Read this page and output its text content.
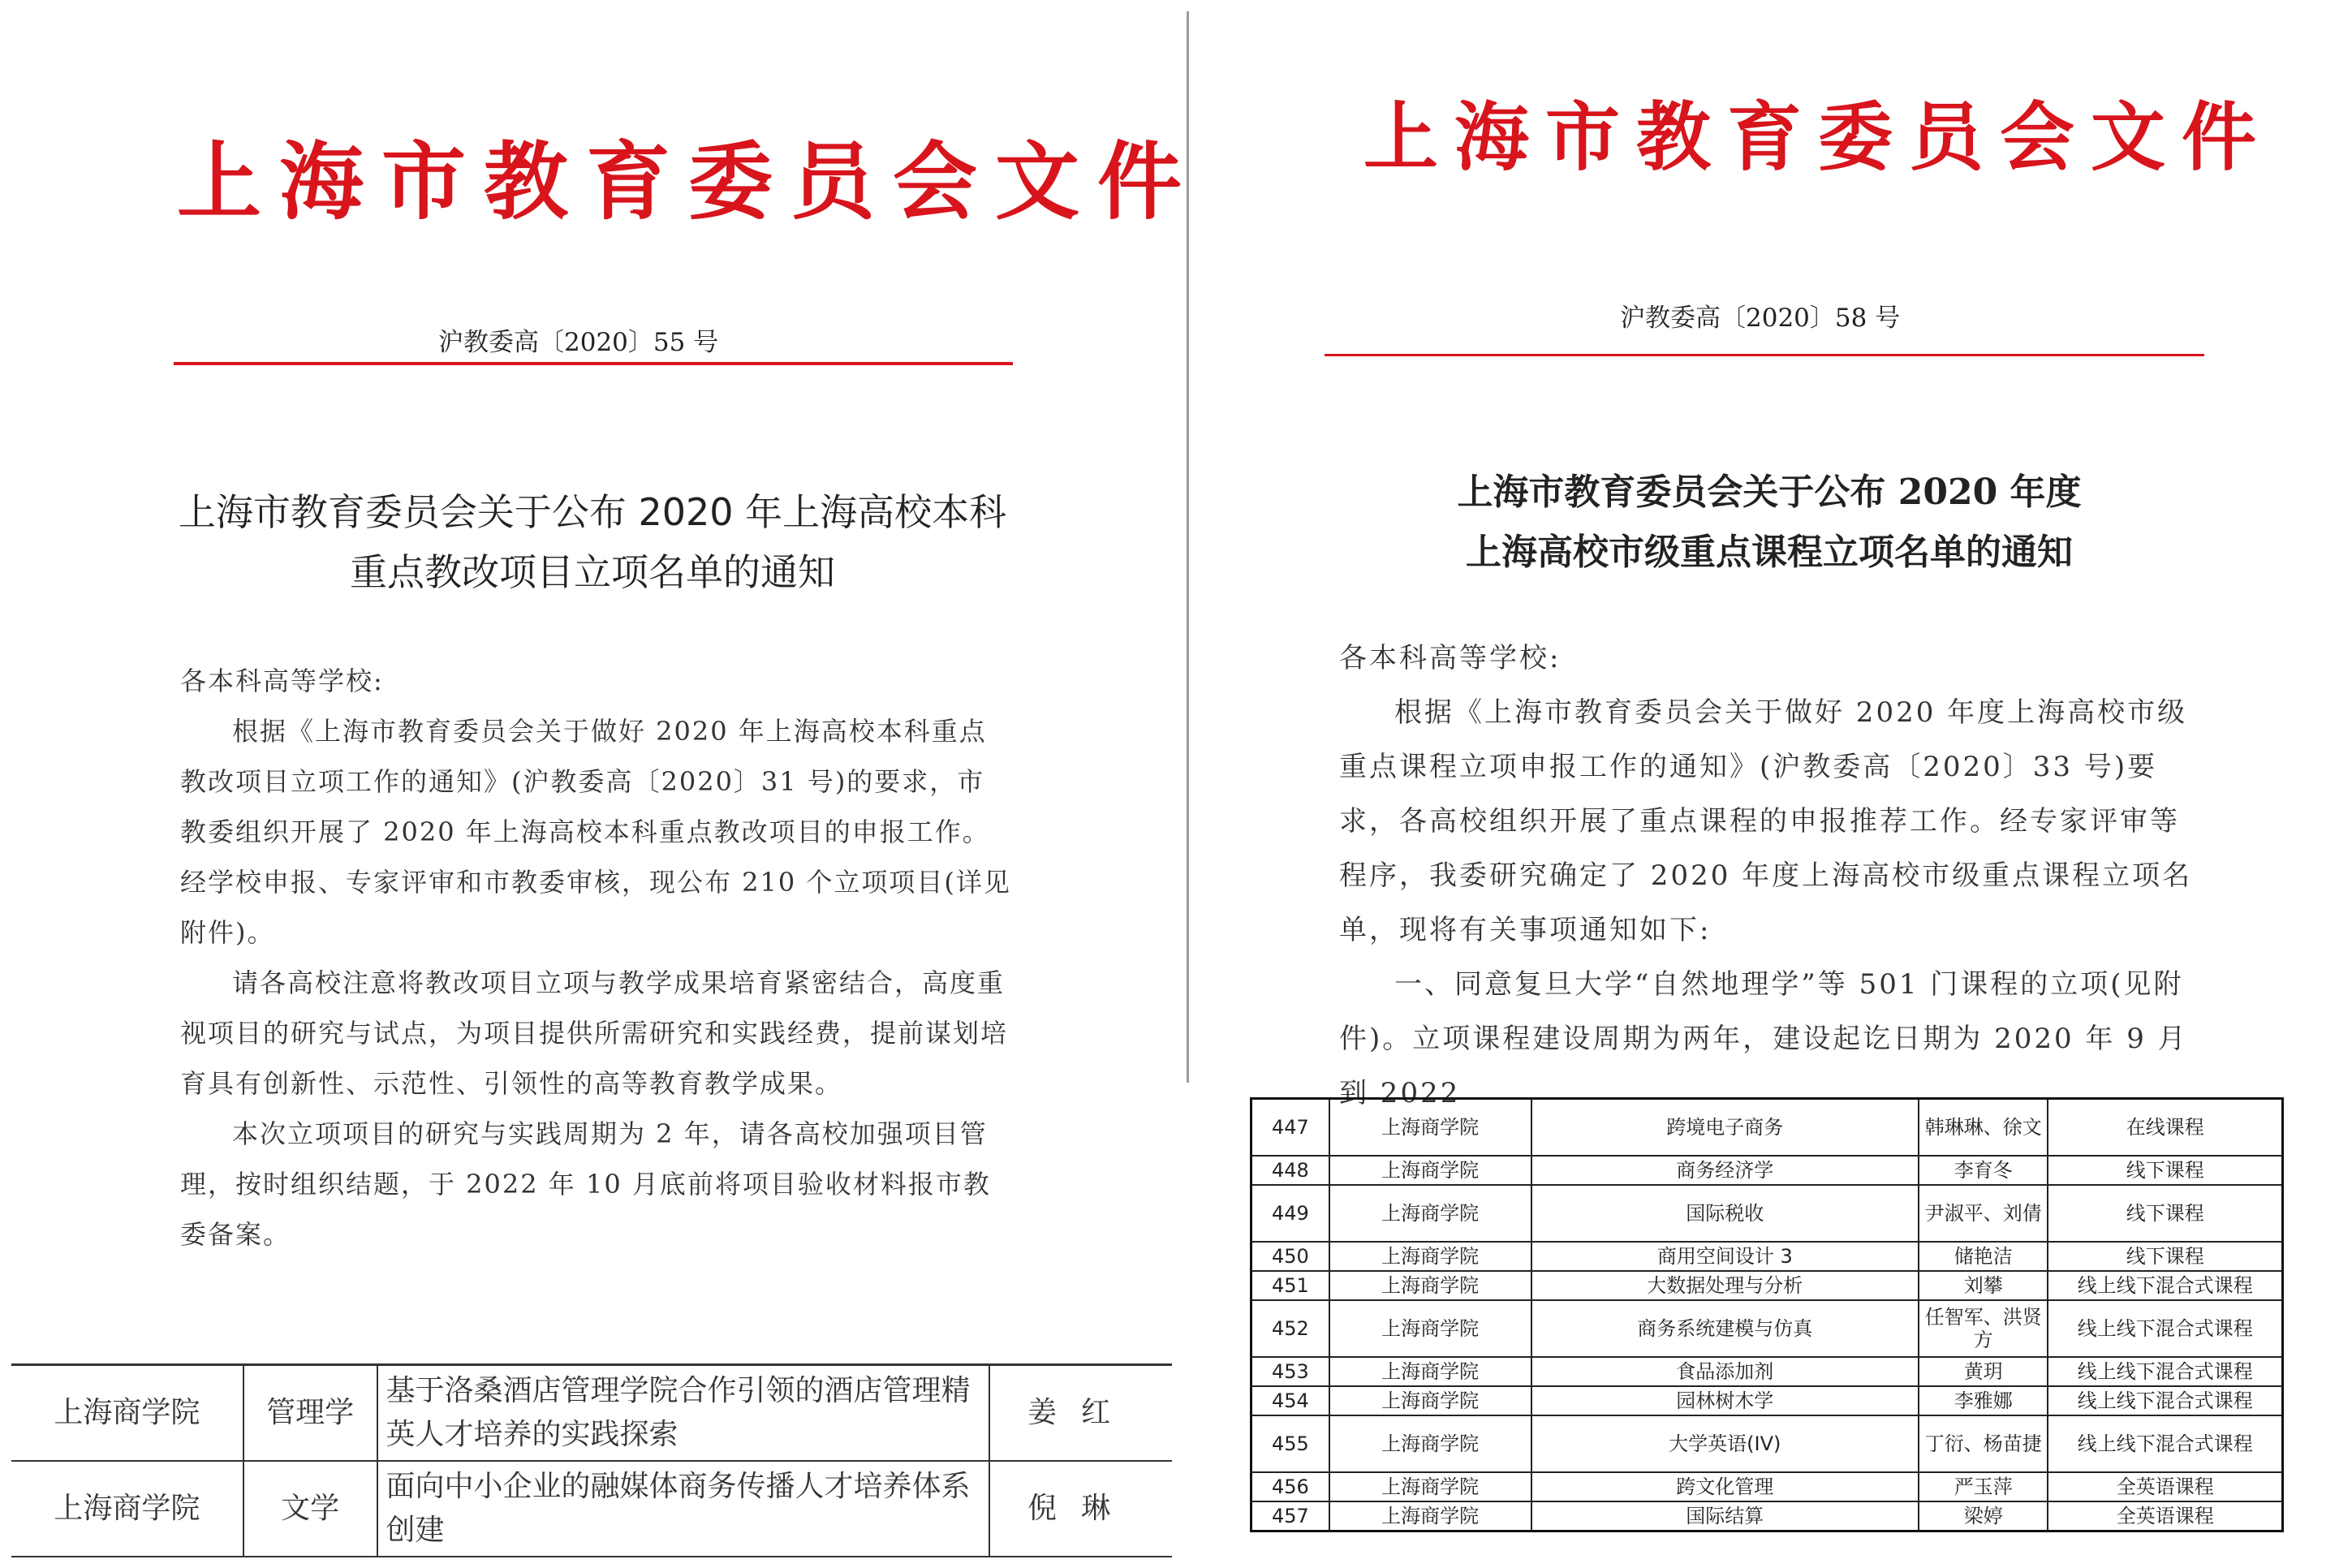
上海市教育委员会文件
沪教委高〔2020〕55 号
上海市教育委员会关于公布 2020 年上海高校本科
重点教改项目立项名单的通知

各本科高等学校:

根据《上海市教育委员会关于做好 2020 年上海高校本科重点教改项目立项工作的通知》(沪教委高〔2020〕31 号)的要求，市教委组织开展了 2020 年上海高校本科重点教改项目的申报工作。经学校申报、专家评审和市教委审核，现公布 210 个立项项目(详见附件)。

请各高校注意将教改项目立项与教学成果培育紧密结合，高度重视项目的研究与试点，为项目提供所需研究和实践经费，提前谋划培育具有创新性、示范性、引领性的高等教育教学成果。

本次立项项目的研究与实践周期为 2 年，请各高校加强项目管理，按时组织结题，于 2022 年 10 月底前将项目验收材料报市教委备案。

上海商学院	管理学	基于洛桑酒店管理学院合作引领的酒店管理精英人才培养的实践探索	姜红
上海商学院	文学	面向中小企业的融媒体商务传播人才培养体系创建	倪琳
上海市教育委员会文件
沪教委高〔2020〕58 号
上海市教育委员会关于公布 2020 年度
上海高校市级重点课程立项名单的通知

各本科高等学校:

根据《上海市教育委员会关于做好 2020 年度上海高校市级重点课程立项申报工作的通知》(沪教委高〔2020〕33 号)要求，各高校组织开展了重点课程的申报推荐工作。经专家评审等程序，我委研究确定了 2020 年度上海高校市级重点课程立项名单，现将有关事项通知如下:

一、同意复旦大学“自然地理学”等 501 门课程的立项(见附件)。立项课程建设周期为两年，建设起讫日期为 2020 年 9 月到 2022

447	上海商学院	跨境电子商务	韩琳琳、徐文	在线课程
448	上海商学院	商务经济学	李育冬	线下课程
449	上海商学院	国际税收	尹淑平、刘倩	线下课程
450	上海商学院	商用空间设计 3	储艳洁	线下课程
451	上海商学院	大数据处理与分析	刘攀	线上线下混合式课程
452	上海商学院	商务系统建模与仿真	任智军、洪贤方	线上线下混合式课程
453	上海商学院	食品添加剂	黄玥	线上线下混合式课程
454	上海商学院	园林树木学	李雅娜	线上线下混合式课程
455	上海商学院	大学英语(IV)	丁衍、杨苗捷	线上线下混合式课程
456	上海商学院	跨文化管理	严玉萍	全英语课程
457	上海商学院	国际结算	梁婷	全英语课程
